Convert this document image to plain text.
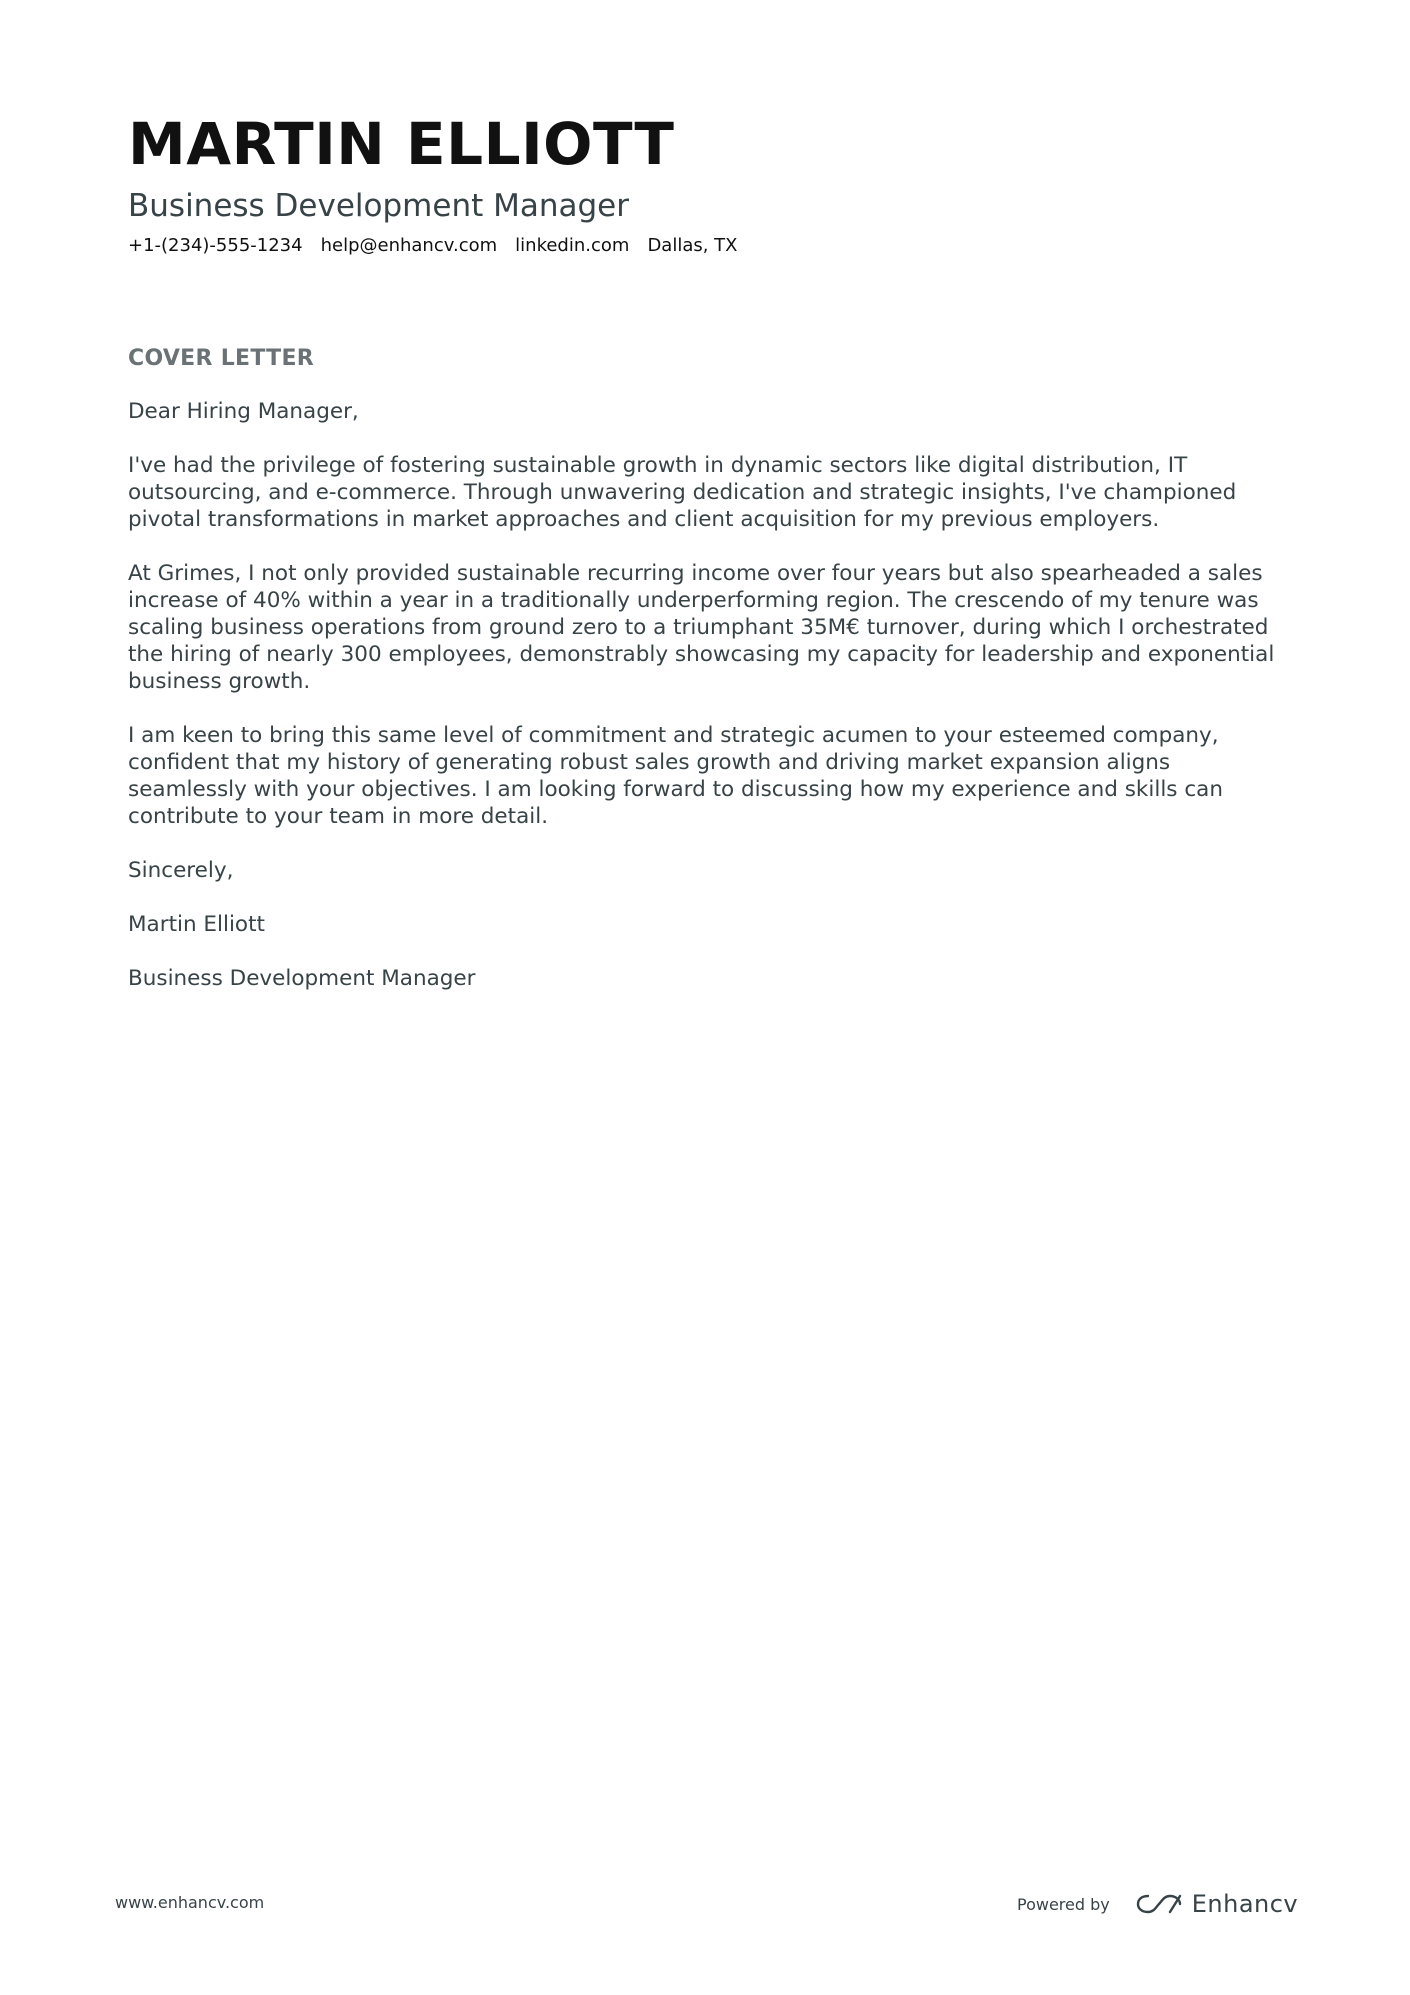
MARTIN ELLIOTT
Business Development Manager
+1-(234)-555-1234 help@enhancv.com linkedin.com Dallas, TX
COVER LETTER

Dear Hiring Manager,

I've had the privilege of fostering sustainable growth in dynamic sectors like digital distribution, IT outsourcing, and e-commerce. Through unwavering dedication and strategic insights, I've championed pivotal transformations in market approaches and client acquisition for my previous employers.

At Grimes, I not only provided sustainable recurring income over four years but also spearheaded a sales increase of 40% within a year in a traditionally underperforming region. The crescendo of my tenure was scaling business operations from ground zero to a triumphant 35M€ turnover, during which I orchestrated the hiring of nearly 300 employees, demonstrably showcasing my capacity for leadership and exponential business growth.

I am keen to bring this same level of commitment and strategic acumen to your esteemed company, confident that my history of generating robust sales growth and driving market expansion aligns seamlessly with your objectives. I am looking forward to discussing how my experience and skills can contribute to your team in more detail.

Sincerely,

Martin Elliott

Business Development Manager

www.enhancv.com	Powered by	Enhancv
